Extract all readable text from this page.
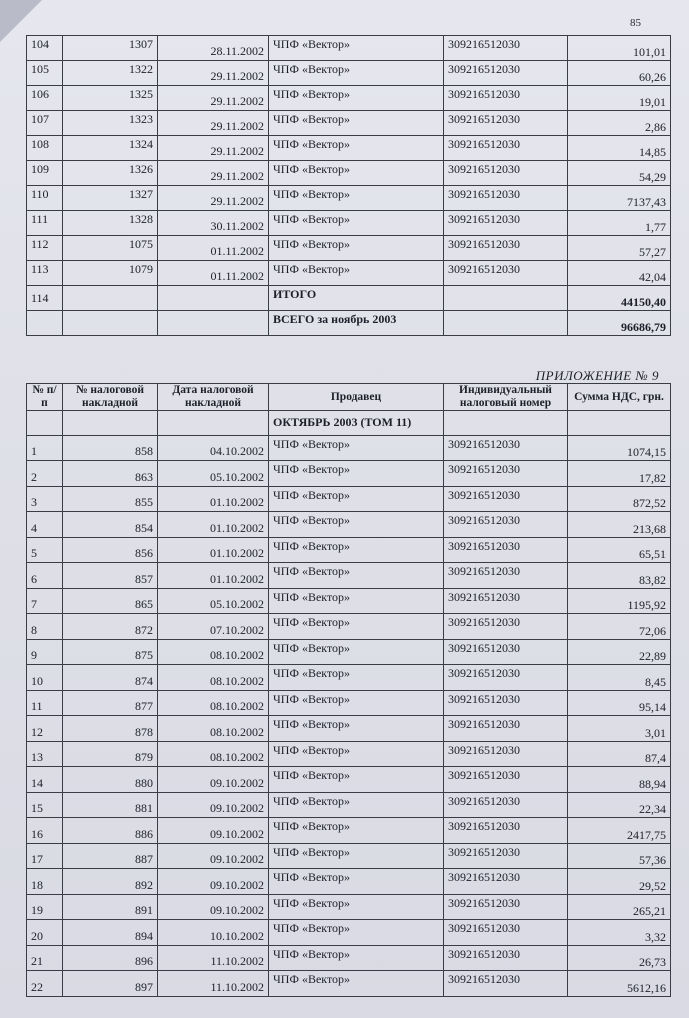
85
104	1307	28.11.2002	ЧПФ «Вектор»	309216512030	101,01
105	1322	29.11.2002	ЧПФ «Вектор»	309216512030	60,26
106	1325	29.11.2002	ЧПФ «Вектор»	309216512030	19,01
107	1323	29.11.2002	ЧПФ «Вектор»	309216512030	2,86
108	1324	29.11.2002	ЧПФ «Вектор»	309216512030	14,85
109	1326	29.11.2002	ЧПФ «Вектор»	309216512030	54,29
110	1327	29.11.2002	ЧПФ «Вектор»	309216512030	7137,43
111	1328	30.11.2002	ЧПФ «Вектор»	309216512030	1,77
112	1075	01.11.2002	ЧПФ «Вектор»	309216512030	57,27
113	1079	01.11.2002	ЧПФ «Вектор»	309216512030	42,04
114			ИТОГО		44150,40
			ВСЕГО за ноябрь 2003		96686,79
ПРИЛОЖЕНИЕ № 9
№ п/п	№ налоговой накладной	Дата налоговой накладной	Продавец	Индивидуальный налоговый номер	Сумма НДС, грн.
			ОКТЯБРЬ 2003 (ТОМ 11)		
1	858	04.10.2002	ЧПФ «Вектор»	309216512030	1074,15
2	863	05.10.2002	ЧПФ «Вектор»	309216512030	17,82
3	855	01.10.2002	ЧПФ «Вектор»	309216512030	872,52
4	854	01.10.2002	ЧПФ «Вектор»	309216512030	213,68
5	856	01.10.2002	ЧПФ «Вектор»	309216512030	65,51
6	857	01.10.2002	ЧПФ «Вектор»	309216512030	83,82
7	865	05.10.2002	ЧПФ «Вектор»	309216512030	1195,92
8	872	07.10.2002	ЧПФ «Вектор»	309216512030	72,06
9	875	08.10.2002	ЧПФ «Вектор»	309216512030	22,89
10	874	08.10.2002	ЧПФ «Вектор»	309216512030	8,45
11	877	08.10.2002	ЧПФ «Вектор»	309216512030	95,14
12	878	08.10.2002	ЧПФ «Вектор»	309216512030	3,01
13	879	08.10.2002	ЧПФ «Вектор»	309216512030	87,4
14	880	09.10.2002	ЧПФ «Вектор»	309216512030	88,94
15	881	09.10.2002	ЧПФ «Вектор»	309216512030	22,34
16	886	09.10.2002	ЧПФ «Вектор»	309216512030	2417,75
17	887	09.10.2002	ЧПФ «Вектор»	309216512030	57,36
18	892	09.10.2002	ЧПФ «Вектор»	309216512030	29,52
19	891	09.10.2002	ЧПФ «Вектор»	309216512030	265,21
20	894	10.10.2002	ЧПФ «Вектор»	309216512030	3,32
21	896	11.10.2002	ЧПФ «Вектор»	309216512030	26,73
22	897	11.10.2002	ЧПФ «Вектор»	309216512030	5612,16
